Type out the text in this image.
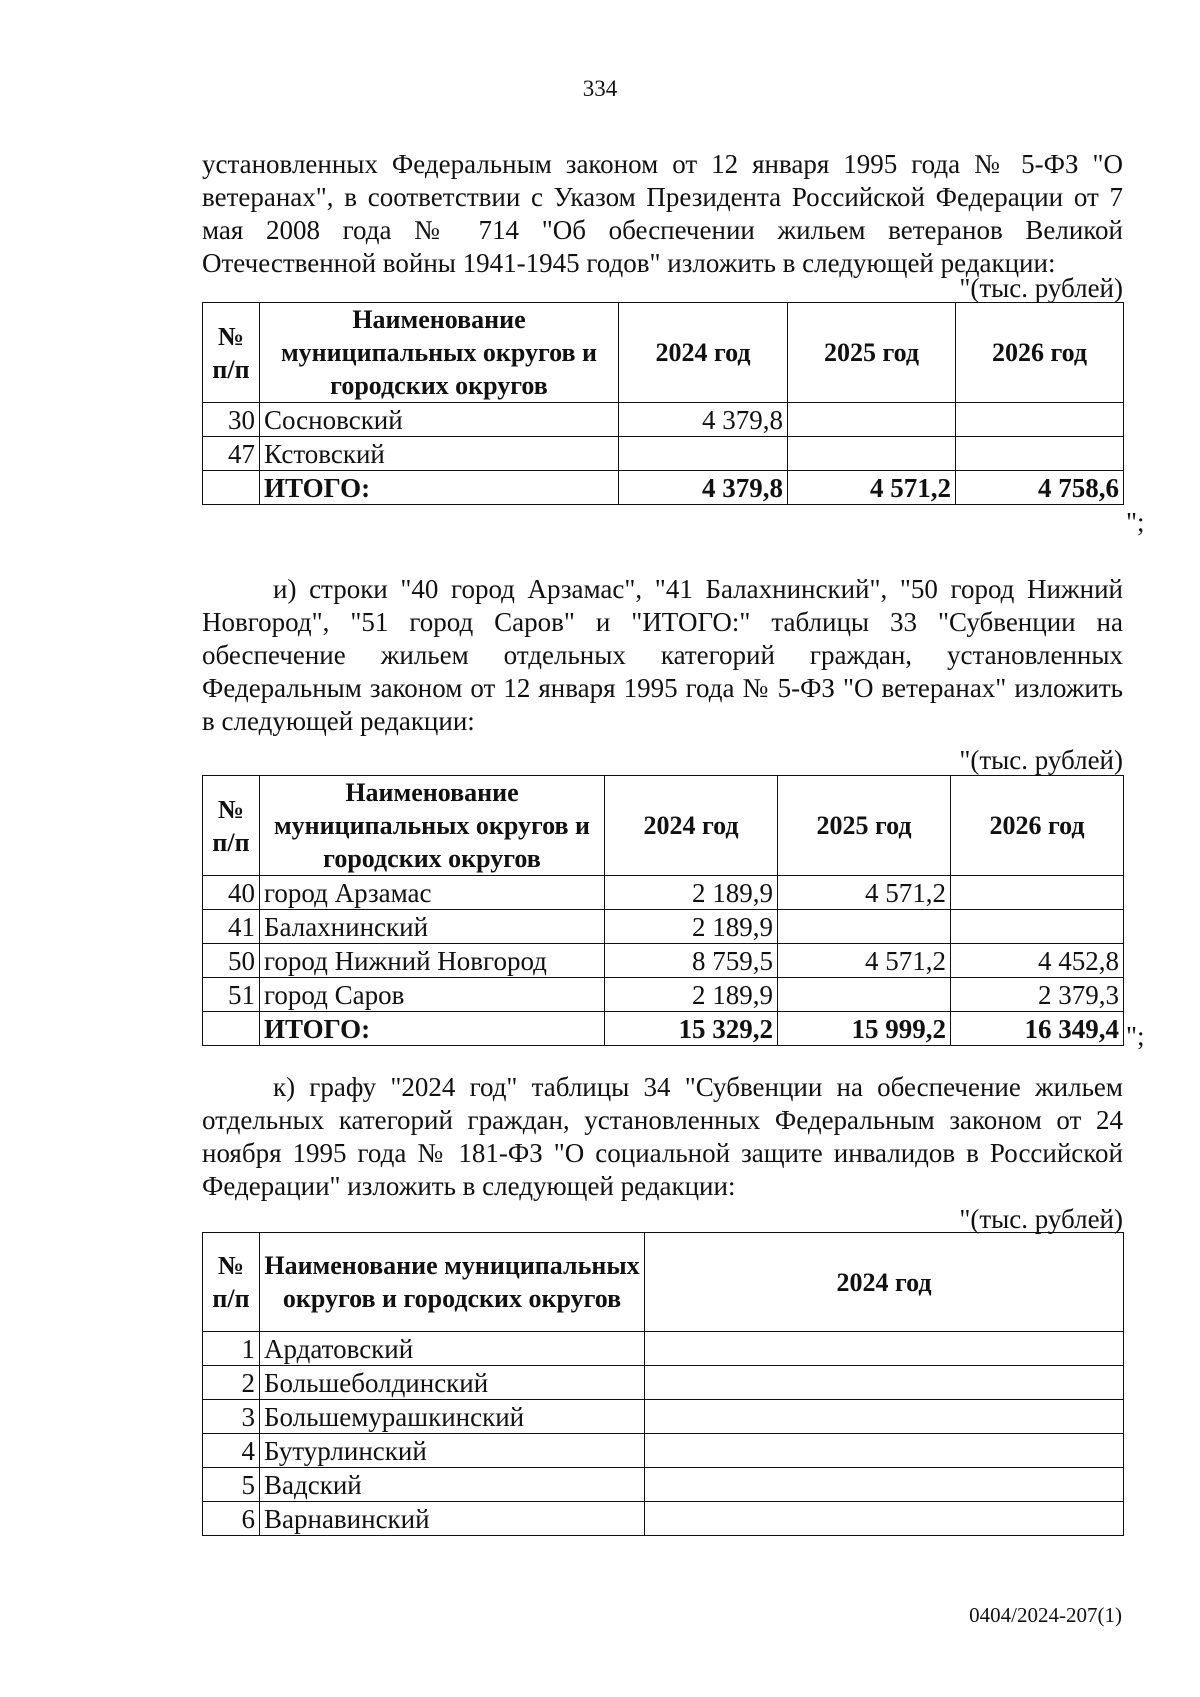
334

установленных Федеральным законом от 12 января 1995 года № 5-ФЗ "О ветеранах", в соответствии с Указом Президента Российской Федерации от 7 мая 2008 года № 714 "Об обеспечении жильем ветеранов Великой Отечественной войны 1941-1945 годов" изложить в следующей редакции:

"(тыс. рублей)
№ п/п	Наименование муниципальных округов и городских округов	2024 год	2025 год	2026 год
30	Сосновский	4 379,8		
47	Кстовский			
	ИТОГО:	4 379,8	4 571,2	4 758,6
";

и) строки "40 город Арзамас", "41 Балахнинский", "50 город Нижний Новгород", "51 город Саров" и "ИТОГО:" таблицы 33 "Субвенции на обеспечение жильем отдельных категорий граждан, установленных Федеральным законом от 12 января 1995 года № 5-ФЗ "О ветеранах" изложить в следующей редакции:

"(тыс. рублей)
№ п/п	Наименование муниципальных округов и городских округов	2024 год	2025 год	2026 год
40	город Арзамас	2 189,9	4 571,2	
41	Балахнинский	2 189,9		
50	город Нижний Новгород	8 759,5	4 571,2	4 452,8
51	город Саров	2 189,9		2 379,3
	ИТОГО:	15 329,2	15 999,2	16 349,4 ";

к) графу "2024 год" таблицы 34 "Субвенции на обеспечение жильем отдельных категорий граждан, установленных Федеральным законом от 24 ноября 1995 года № 181-ФЗ "О социальной защите инвалидов в Российской Федерации" изложить в следующей редакции:

"(тыс. рублей)
№ п/п	Наименование муниципальных округов и городских округов	2024 год
1	Ардатовский	
2	Большеболдинский	
3	Большемурашкинский	
4	Бутурлинский	
5	Вадский	
6	Варнавинский	
0404/2024-207(1)
